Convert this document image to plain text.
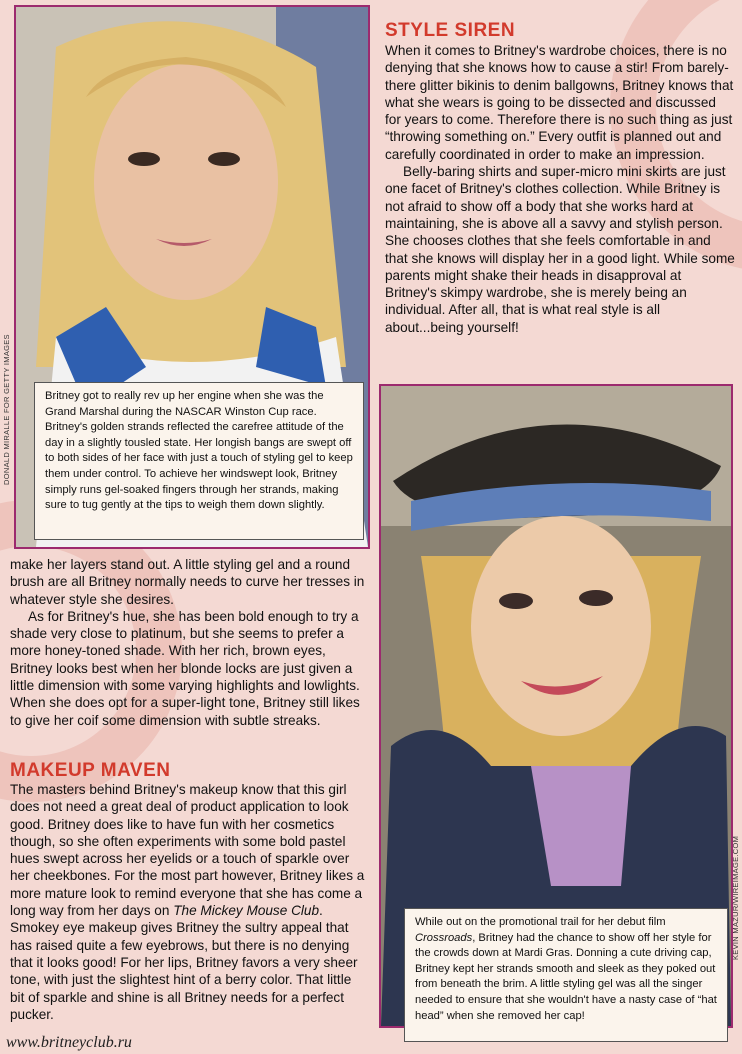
DONALD MIRALLE FOR GETTY IMAGES	Britney got to really rev up her engine when she was the Grand Marshal during the NASCAR Winston Cup race. Britney's golden strands reflected the carefree attitude of the day in a slightly tousled state. Her longish bangs are swept off to both sides of her face with just a touch of styling gel to keep them under control. To achieve her windswept look, Britney simply runs gel-soaked fingers through her strands, making sure to tug gently at the tips to weigh them down slightly.

STYLE SIREN

When it comes to Britney's wardrobe choices, there is no denying that she knows how to cause a stir! From barely-there glitter bikinis to denim ballgowns, Britney knows that what she wears is going to be dissected and discussed for years to come. Therefore there is no such thing as just “throwing something on.” Every outfit is planned out and carefully coordinated in order to make an impression.

Belly-baring shirts and super-micro mini skirts are just one facet of Britney's clothes collection. While Britney is not afraid to show off a body that she works hard at maintaining, she is above all a savvy and stylish person. She chooses clothes that she feels comfortable in and that she knows will display her in a good light. While some parents might shake their heads in disapproval at Britney's skimpy wardrobe, she is merely being an individual. After all, that is what real style is all about...being yourself!

make her layers stand out. A little styling gel and a round brush are all Britney normally needs to curve her tresses in whatever style she desires.

As for Britney's hue, she has been bold enough to try a shade very close to platinum, but she seems to prefer a more honey-toned shade. With her rich, brown eyes, Britney looks best when her blonde locks are just given a little dimension with some varying highlights and lowlights. When she does opt for a super-light tone, Britney still likes to give her coif some dimension with subtle streaks.

MAKEUP MAVEN

The masters behind Britney's makeup know that this girl does not need a great deal of product application to look good. Britney does like to have fun with her cosmetics though, so she often experiments with some bold pastel hues swept across her eyelids or a touch of sparkle over her cheekbones. For the most part however, Britney likes a more mature look to remind everyone that she has come a long way from her days on The Mickey Mouse Club. Smokey eye makeup gives Britney the sultry appeal that has raised quite a few eyebrows, but there is no denying that it looks good! For her lips, Britney favors a very sheer tone, with just the slightest hint of a berry color. That little bit of sparkle and shine is all Britney needs for a perfect pucker.

KEVIN MAZUR/WIREIMAGE.COM

While out on the promotional trail for her debut film Crossroads, Britney had the chance to show off her style for the crowds down at Mardi Gras. Donning a cute driving cap, Britney kept her strands smooth and sleek as they poked out from beneath the brim. A little styling gel was all the singer needed to ensure that she wouldn't have a nasty case of “hat head” when she removed her cap!

www.britneyclub.ru
